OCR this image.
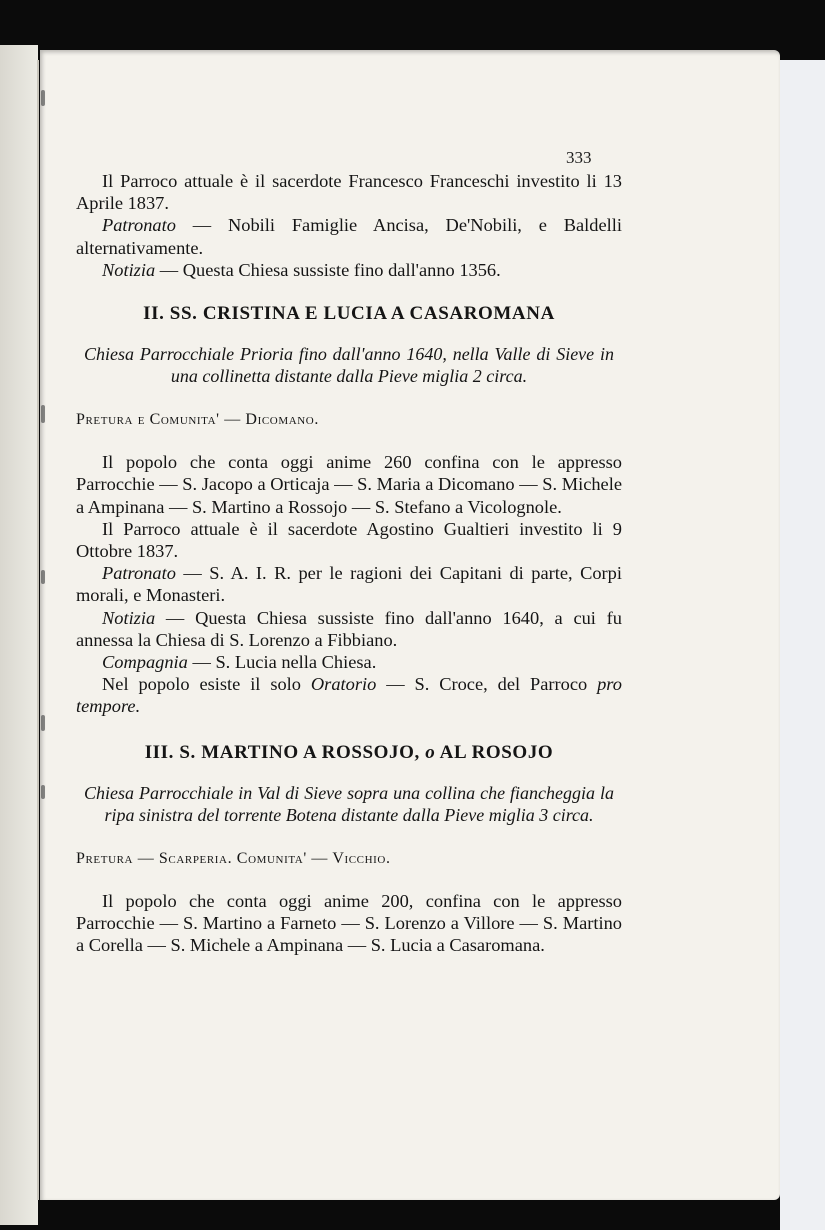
333

Il Parroco attuale è il sacerdote Francesco Franceschi investito li 13 Aprile 1837.

Patronato — Nobili Famiglie Ancisa, De'Nobili, e Baldelli alternativamente.

Notizia — Questa Chiesa sussiste fino dall'anno 1356.

II. SS. CRISTINA E LUCIA A CASAROMANA

Chiesa Parrocchiale Prioria fino dall'anno 1640, nella Valle di Sieve in una collinetta distante dalla Pieve miglia 2 circa.

Pretura e Comunita' — Dicomano.

Il popolo che conta oggi anime 260 confina con le appresso Parrocchie — S. Jacopo a Orticaja — S. Maria a Dicomano — S. Michele a Ampinana — S. Martino a Rossojo — S. Stefano a Vicolognole.

Il Parroco attuale è il sacerdote Agostino Gualtieri investito li 9 Ottobre 1837.

Patronato — S. A. I. R. per le ragioni dei Capitani di parte, Corpi morali, e Monasteri.

Notizia — Questa Chiesa sussiste fino dall'anno 1640, a cui fu annessa la Chiesa di S. Lorenzo a Fibbiano.

Compagnia — S. Lucia nella Chiesa.

Nel popolo esiste il solo Oratorio — S. Croce, del Parroco pro tempore.

III. S. MARTINO A ROSSOJO, o AL ROSOJO

Chiesa Parrocchiale in Val di Sieve sopra una collina che fiancheggia la ripa sinistra del torrente Botena distante dalla Pieve miglia 3 circa.

Pretura — Scarperia. Comunita' — Vicchio.

Il popolo che conta oggi anime 200, confina con le appresso Parrocchie — S. Martino a Farneto — S. Lorenzo a Villore — S. Martino a Corella — S. Michele a Ampinana — S. Lucia a Casaromana.
